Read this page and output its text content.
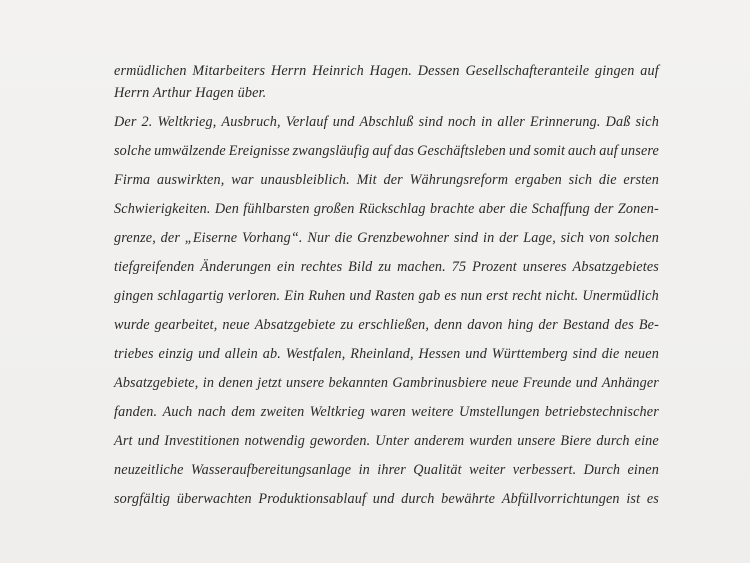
ermüdlichen Mitarbeiters Herrn Heinrich Hagen. Dessen Gesellschafteranteile gingen auf
Herrn Arthur Hagen über.
Der 2. Weltkrieg, Ausbruch, Verlauf und Abschluß sind noch in aller Erinnerung. Daß sich
solche umwälzende Ereignisse zwangsläufig auf das Geschäftsleben und somit auch auf unsere
Firma auswirkten, war unausbleiblich. Mit der Währungsreform ergaben sich die ersten
Schwierigkeiten. Den fühlbarsten großen Rückschlag brachte aber die Schaffung der Zonen-
grenze, der „Eiserne Vorhang“. Nur die Grenzbewohner sind in der Lage, sich von solchen
tiefgreifenden Änderungen ein rechtes Bild zu machen. 75 Prozent unseres Absatzgebietes
gingen schlagartig verloren. Ein Ruhen und Rasten gab es nun erst recht nicht. Unermüdlich
wurde gearbeitet, neue Absatzgebiete zu erschließen, denn davon hing der Bestand des Be-
triebes einzig und allein ab. Westfalen, Rheinland, Hessen und Württemberg sind die neuen
Absatzgebiete, in denen jetzt unsere bekannten Gambrinusbiere neue Freunde und Anhänger
fanden. Auch nach dem zweiten Weltkrieg waren weitere Umstellungen betriebstechnischer
Art und Investitionen notwendig geworden. Unter anderem wurden unsere Biere durch eine
neuzeitliche Wasseraufbereitungsanlage in ihrer Qualität weiter verbessert. Durch einen
sorgfältig überwachten Produktionsablauf und durch bewährte Abfüllvorrichtungen ist es
